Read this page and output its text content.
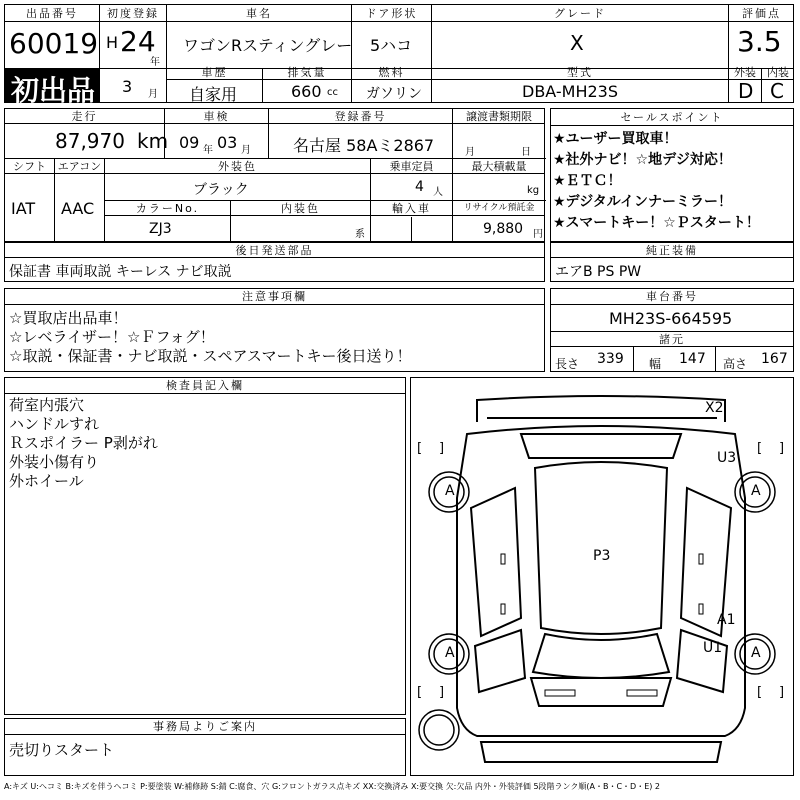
出品番号
60019
初出品
初度登録
H 24
年
3 月
車名
ワゴンRスティングレー
車歴
自家用
排気量
660 cc
ドア形状
5ハコ
燃料
ガソリン
グレード
X
型式
DBA-MH23S
評価点
3.5
外装
D
内装
C
走行
87,970 km
車検
09 年 03 月
登録番号
名古屋 58Aミ2867
譲渡書類期限
月	日
シフト
IAT
エアコン
AAC
外装色
ブラック
乗車定員
4 人
最大積載量
kg
カラーNo.
ZJ3
内装色
系
輸入車	リサイクル預託金
9,880 円
セールスポイント
★ユーザー買取車！
★社外ナビ！☆地デジ対応！
★ＥＴＣ！
★デジタルインナーミラー！
★スマートキー！☆Ｐスタート！
後日発送部品
保証書 車両取説 キーレス ナビ取説
純正装備
エアB PS PW
注意事項欄
☆買取店出品車！
☆レベライザー！☆Ｆフォグ！
☆取説・保証書・ナビ取説・スペアスマートキー後日送り！
車台番号
MH23S-664595
諸元
長さ 339 幅 147 高さ 167
検査員記入欄
荷室内張穴
ハンドルすれ
Ｒスポイラー P剥がれ
外装小傷有り
外ホイール
事務局よりご案内
売切りスタート
[ ]	[ ]
[ ]	[ ]
X2
U3
P3
A1
U1
A	A
A	A
A:キズ U:ヘコミ B:キズを伴うヘコミ P:要塗装 W:補修跡 S:錆 C:腐食、穴 G:フロントガラス点キズ XX:交換済み X:要交換 欠:欠品 内外・外装評価 5段階ランク順(A・B・C・D・E) 2
